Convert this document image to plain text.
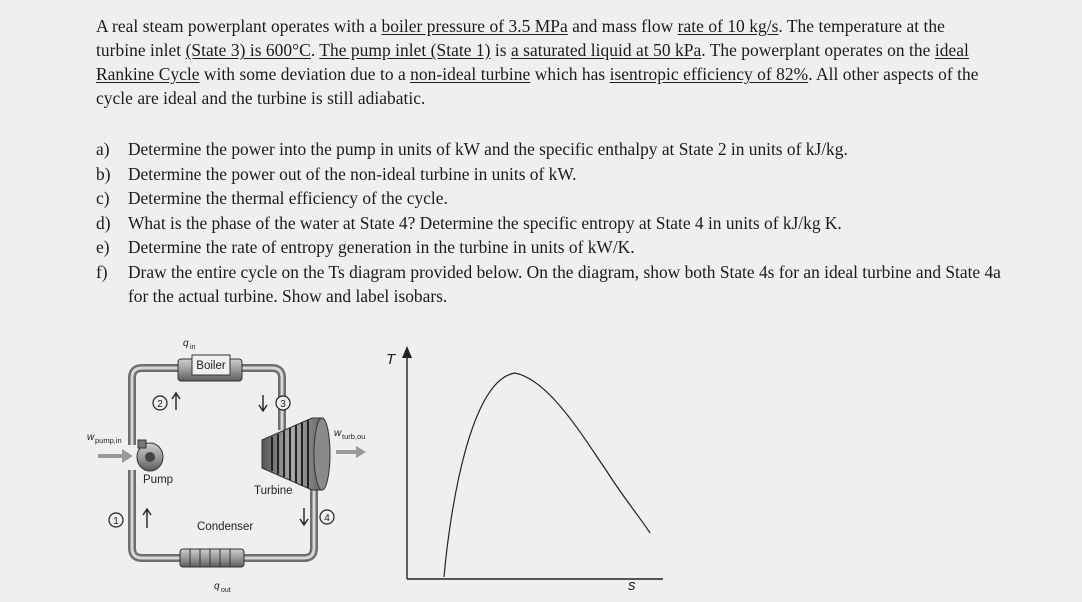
A real steam powerplant operates with a boiler pressure of 3.5 MPa and mass flow rate of 10 kg/s. The temperature at the turbine inlet (State 3) is 600°C. The pump inlet (State 1) is a saturated liquid at 50 kPa. The powerplant operates on the ideal Rankine Cycle with some deviation due to a non-ideal turbine which has isentropic efficiency of 82%. All other aspects of the cycle are ideal and the turbine is still adiabatic.

a)	Determine the power into the pump in units of kW and the specific enthalpy at State 2 in units of kJ/kg.
b)	Determine the power out of the non-ideal turbine in units of kW.
c)	Determine the thermal efficiency of the cycle.
d)	What is the phase of the water at State 4? Determine the specific entropy at State 4 in units of kJ/kg K.
e)	Determine the rate of entropy generation in the turbine in units of kW/K.
f)	Draw the entire cycle on the Ts diagram provided below. On the diagram, show both State 4s for an ideal turbine and State 4a for the actual turbine. Show and label isobars.
Boiler
q in
2	3
w pump,in
Pump
w turb,ou
Turbine
1	4
Condenser
q out
T
s
